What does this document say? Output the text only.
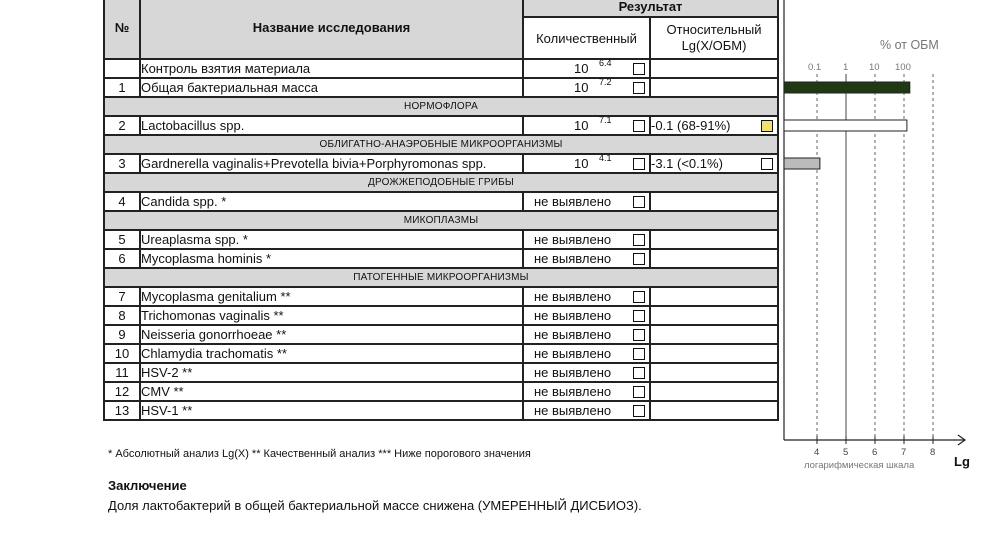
№	Название исследования	Результат	
		Количественный	Относительный
Lg(X/ОБМ)
	Контроль взятия материала	10 6.4	

1	Общая бактериальная масса	10 7.2	

НОРМОФЛОРА			
2	Lactobacillus spp.	10 7.1	-0.1 (68-91%)

ОБЛИГАТНО-АНАЭРОБНЫЕ МИКРООРГАНИЗМЫ			
3	Gardnerella vaginalis+Prevotella bivia+Porphyromonas spp.	10 4.1	-3.1 (<0.1%)

ДРОЖЖЕПОДОБНЫЕ ГРИБЫ			
4	Candida spp. *	не выявлено	

МИКОПЛАЗМЫ			
5	Ureaplasma spp. *	не выявлено	

6	Mycoplasma hominis *	не выявлено	

ПАТОГЕННЫЕ МИКРООРГАНИЗМЫ			
7	Mycoplasma genitalium **	не выявлено	

8	Trichomonas vaginalis **	не выявлено	

9	Neisseria gonorrhoeae **	не выявлено	

10	Chlamydia trachomatis **	не выявлено	

11	HSV-2 **	не выявлено	

12	CMV **	не выявлено	

13	HSV-1 **	не выявлено	

% от ОБМ
логарифмическая шкала	Lg
4 5 6 7 8
0.1 1 10 100
* Абсолютный анализ Lg(X) ** Качественный анализ *** Ниже порогового значения
Заключение
Доля лактобактерий в общей бактериальной массе снижена (УМЕРЕННЫЙ ДИСБИОЗ).
